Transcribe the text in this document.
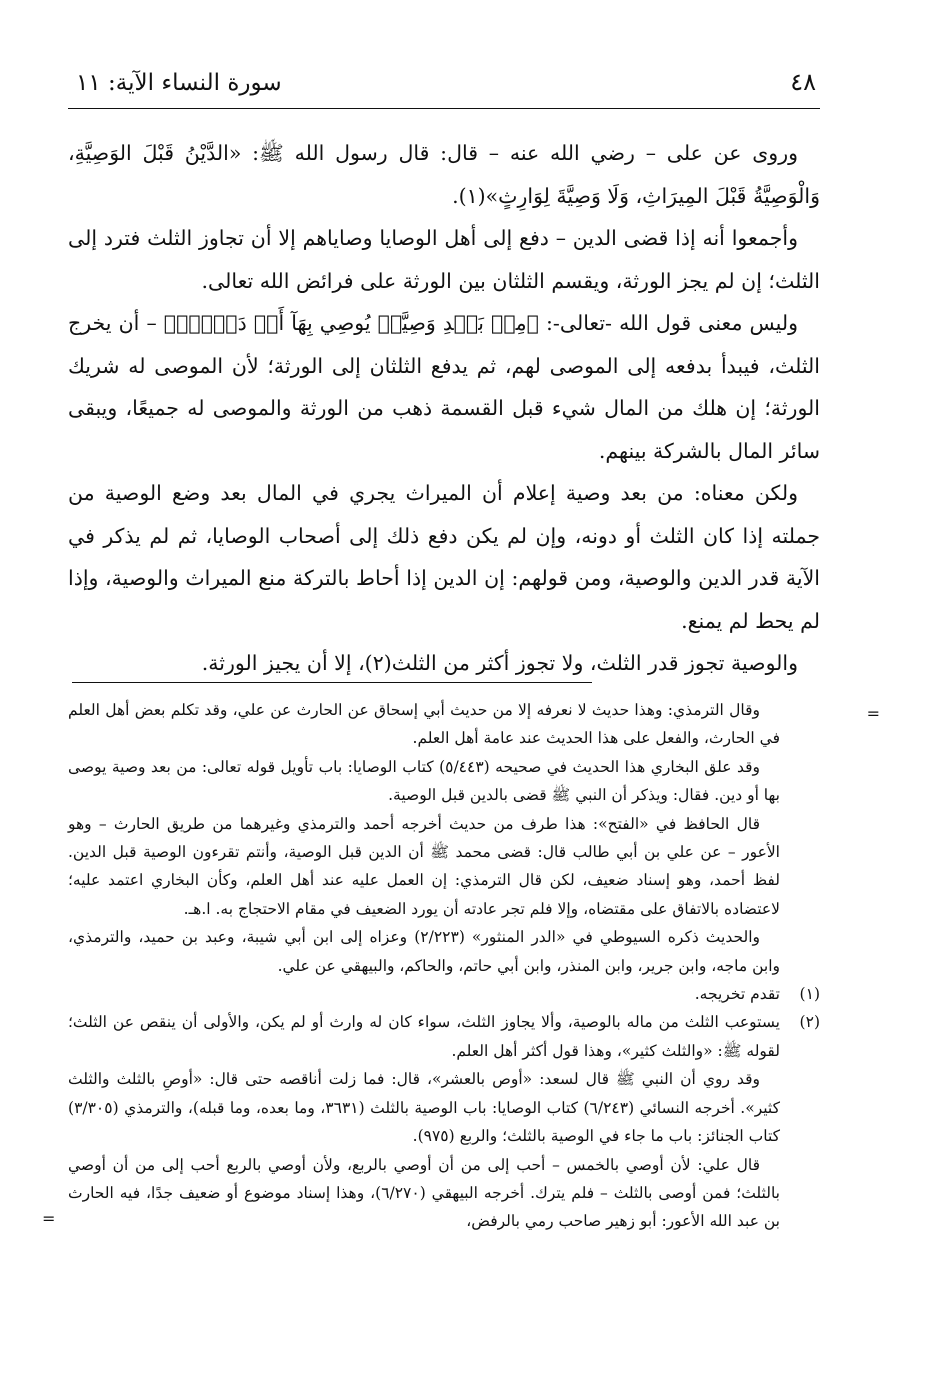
٤٨
سورة النساء الآية: ١١

وروى عن على – رضي الله عنه – قال: قال رسول الله ﷺ: «الدَّيْنُ قَبْلَ الوَصِيَّةِ، وَالْوَصِيَّةُ قَبْلَ المِيرَاثِ، وَلَا وَصِيَّةَ لِوَارِثٍ»(١).

وأجمعوا أنه إذا قضى الدين – دفع إلى أهل الوصايا وصاياهم إلا أن تجاوز الثلث فترد إلى الثلث؛ إن لم يجز الورثة، ويقسم الثلثان بين الورثة على فرائض الله تعالى.

وليس معنى قول الله -تعالى-: ﴿مِنۢ بَعۡدِ وَصِيَّةٖ يُوصِي بِهَآ أَوۡ دَيۡنٍۗ﴾ – أن يخرج الثلث، فيبدأ بدفعه إلى الموصى لهم، ثم يدفع الثلثان إلى الورثة؛ لأن الموصى له شريك الورثة؛ إن هلك من المال شيء قبل القسمة ذهب من الورثة والموصى له جميعًا، ويبقى سائر المال بالشركة بينهم.

ولكن معناه: من بعد وصية إعلام أن الميراث يجري في المال بعد وضع الوصية من جملته إذا كان الثلث أو دونه، وإن لم يكن دفع ذلك إلى أصحاب الوصايا، ثم لم يذكر في الآية قدر الدين والوصية، ومن قولهم: إن الدين إذا أحاط بالتركة منع الميراث والوصية، وإذا لم يحط لم يمنع.

والوصية تجوز قدر الثلث، ولا تجوز أكثر من الثلث(٢)، إلا أن يجيز الورثة.

=

وقال الترمذي: وهذا حديث لا نعرفه إلا من حديث أبي إسحاق عن الحارث عن علي، وقد تكلم بعض أهل العلم في الحارث، والفعل على هذا الحديث عند عامة أهل العلم.

وقد علق البخاري هذا الحديث في صحيحه (٥/٤٤٣) كتاب الوصايا: باب تأويل قوله تعالى: من بعد وصية يوصى بها أو دين. فقال: ويذكر أن النبي ﷺ قضى بالدين قبل الوصية.

قال الحافظ في «الفتح»: هذا طرف من حديث أخرجه أحمد والترمذي وغيرهما من طريق الحارث – وهو الأعور – عن علي بن أبي طالب قال: قضى محمد ﷺ أن الدين قبل الوصية، وأنتم تقرءون الوصية قبل الدين. لفظ أحمد، وهو إسناد ضعيف، لكن قال الترمذي: إن العمل عليه عند أهل العلم، وكأن البخاري اعتمد عليه؛ لاعتضاده بالاتفاق على مقتضاه، وإلا فلم تجر عادته أن يورد الضعيف في مقام الاحتجاج به. ا.هـ.

والحديث ذكره السيوطي في «الدر المنثور» (٢/٢٢٣) وعزاه إلى ابن أبي شيبة، وعبد بن حميد، والترمذي، وابن ماجه، وابن جرير، وابن المنذر، وابن أبي حاتم، والحاكم، والبيهقي عن علي.

(١)
تقدم تخريجه.

(٢)
يستوعب الثلث من ماله بالوصية، وألا يجاوز الثلث، سواء كان له وارث أو لم يكن، والأولى أن ينقص عن الثلث؛ لقوله ﷺ: «والثلث كثير»، وهذا قول أكثر أهل العلم.

وقد روي أن النبي ﷺ قال لسعد: «أوص بالعشر»، قال: فما زلت أناقصه حتى قال: «أوصِ بالثلث والثلث كثير». أخرجه النسائي (٦/٢٤٣) كتاب الوصايا: باب الوصية بالثلث (٣٦٣١، وما بعده، وما قبله)، والترمذي (٣/٣٠٥) كتاب الجنائز: باب ما جاء في الوصية بالثلث؛ والربع (٩٧٥).

قال علي: لأن أوصي بالخمس – أحب إلى من أن أوصي بالربع، ولأن أوصي بالربع أحب إلى من أن أوصي بالثلث؛ فمن أوصى بالثلث – فلم يترك. أخرجه البيهقي (٦/٢٧٠)، وهذا إسناد موضوع أو ضعيف جدًا، فيه الحارث بن عبد الله الأعور: أبو زهير صاحب رمي بالرفض،
=
